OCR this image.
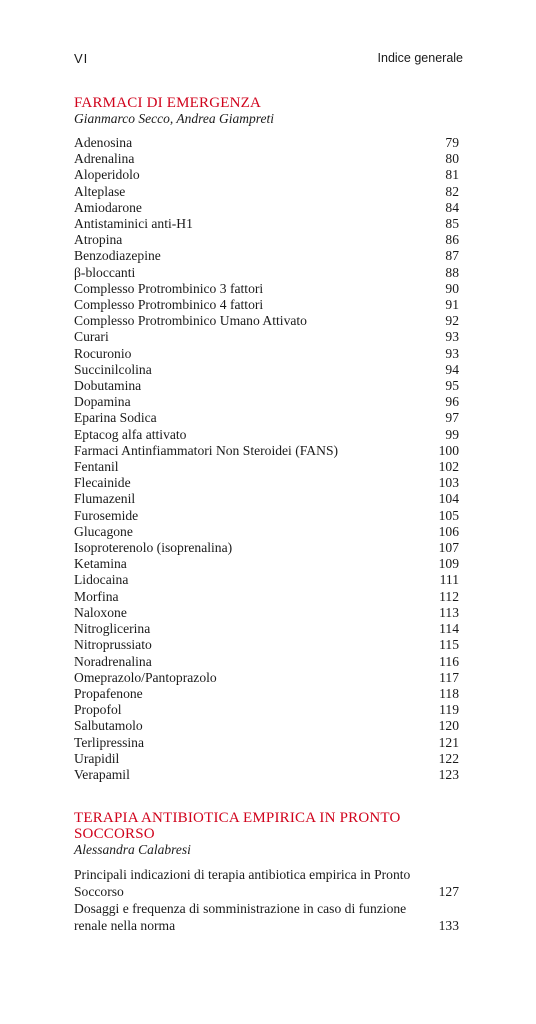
VI	Indice generale
FARMACI DI EMERGENZA
Gianmarco Secco, Andrea Giampreti
Adenosina	79
Adrenalina	80
Aloperidolo	81
Alteplase	82
Amiodarone	84
Antistaminici anti-H1	85
Atropina	86
Benzodiazepine	87
β-bloccanti	88
Complesso Protrombinico 3 fattori	90
Complesso Protrombinico 4 fattori	91
Complesso Protrombinico Umano Attivato	92
Curari	93
Rocuronio	93
Succinilcolina	94
Dobutamina	95
Dopamina	96
Eparina Sodica	97
Eptacog alfa attivato	99
Farmaci Antinfiammatori Non Steroidei (FANS)	100
Fentanil	102
Flecainide	103
Flumazenil	104
Furosemide	105
Glucagone	106
Isoproterenolo (isoprenalina)	107
Ketamina	109
Lidocaina	111
Morfina	112
Naloxone	113
Nitroglicerina	114
Nitroprussiato	115
Noradrenalina	116
Omeprazolo/Pantoprazolo	117
Propafenone	118
Propofol	119
Salbutamolo	120
Terlipressina	121
Urapidil	122
Verapamil	123
TERAPIA ANTIBIOTICA EMPIRICA IN PRONTO SOCCORSO
Alessandra Calabresi
Principali indicazioni di terapia antibiotica empirica in Pronto Soccorso	127
Dosaggi e frequenza di somministrazione in caso di funzione renale nella norma	133
